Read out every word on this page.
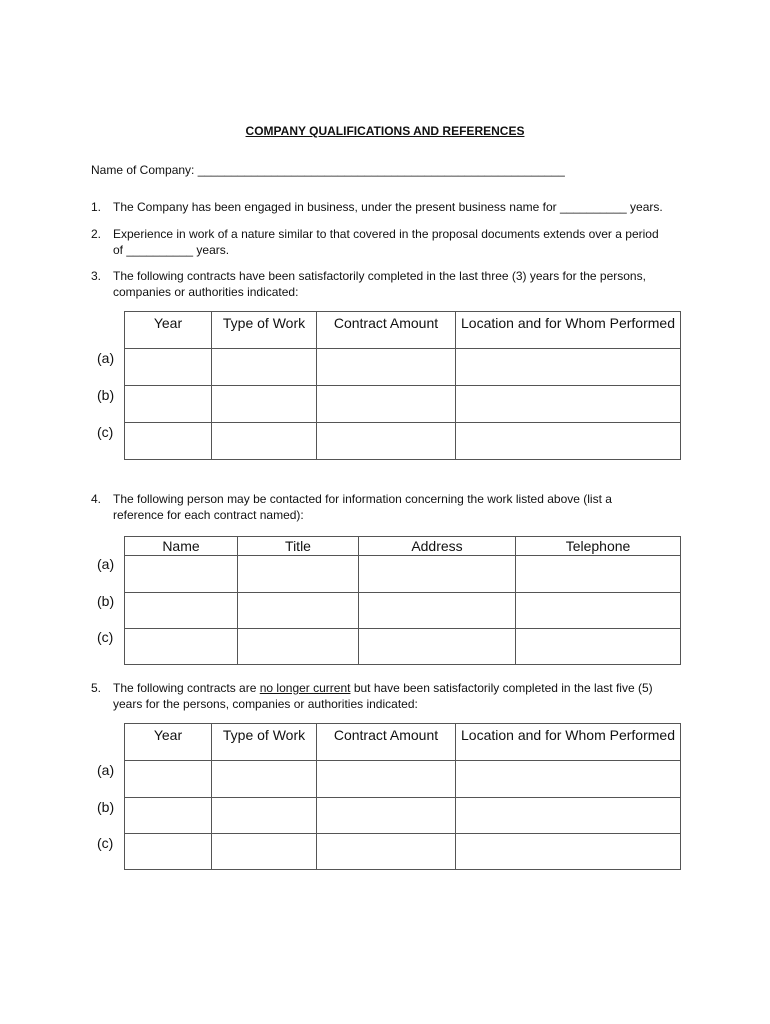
COMPANY QUALIFICATIONS AND REFERENCES
Name of Company: _______________________________________________________
1. The Company has been engaged in business, under the present business name for __________ years.
2. Experience in work of a nature similar to that covered in the proposal documents extends over a period
of __________ years.
3. The following contracts have been satisfactorily completed in the last three (3) years for the persons,
companies or authorities indicated:
Year	Type of Work	Contract Amount	Location and for Whom Performed

(a)
(b)
(c)
4. The following person may be contacted for information concerning the work listed above (list a
reference for each contract named):
Name	Title	Address	Telephone

(a)
(b)
(c)
5. The following contracts are no longer current but have been satisfactorily completed in the last five (5)
years for the persons, companies or authorities indicated:
Year	Type of Work	Contract Amount	Location and for Whom Performed

(a)
(b)
(c)
